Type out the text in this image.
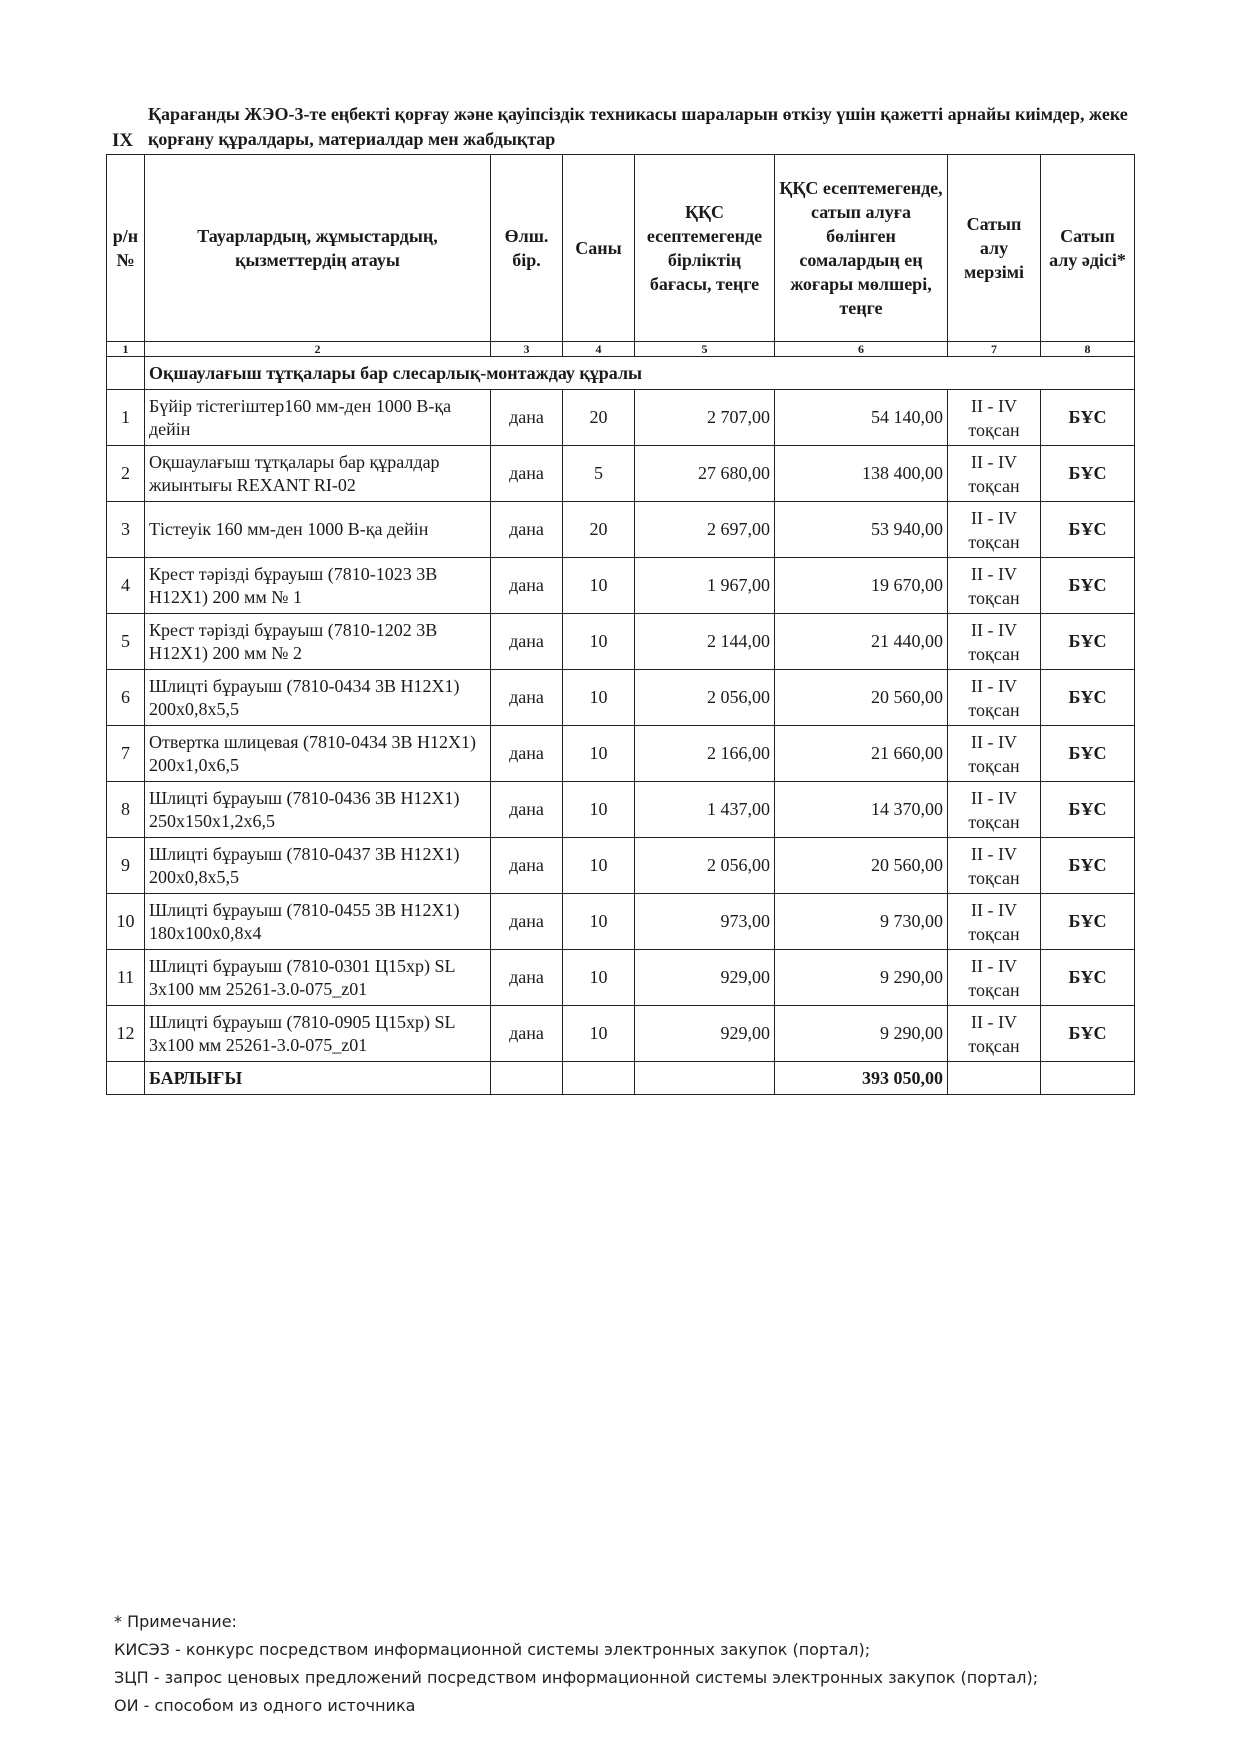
IX
Қарағанды ЖЭО-3-те еңбекті қорғау және қауіпсіздік техникасы шараларын өткізу үшін қажетті арнайы киімдер, жеке қорғану құралдары, материалдар мен жабдықтар
р/н №	Тауарлардың, жұмыстардың, қызметтердің атауы	Өлш. бір.	Саны	ҚҚС есептемегенде бірліктің бағасы, теңге	ҚҚС есептемегенде, сатып алуға бөлінген сомалардың ең жоғары мөлшері, теңге	Сатып алу мерзімі	Сатып алу әдісі*
1	2	3	4	5	6	7	8
	Оқшаулағыш тұтқалары бар слесарлық-монтаждау құралы						
1	Бүйір тістегіштер160 мм-ден 1000 В-қа дейін	дана	20	2 707,00	54 140,00	II - IV тоқсан	БҰС
2	Оқшаулағыш тұтқалары бар құралдар жиынтығы REXANT RI-02	дана	5	27 680,00	138 400,00	II - IV тоқсан	БҰС
3	Тістеуік 160 мм-ден 1000 В-қа дейін	дана	20	2 697,00	53 940,00	II - IV тоқсан	БҰС
4	Крест тәрізді бұрауыш (7810-1023 3В Н12Х1) 200 мм № 1	дана	10	1 967,00	19 670,00	II - IV тоқсан	БҰС
5	Крест тәрізді бұрауыш (7810-1202 3В Н12Х1) 200 мм № 2	дана	10	2 144,00	21 440,00	II - IV тоқсан	БҰС
6	Шлицті бұрауыш (7810-0434 3В Н12Х1) 200х0,8х5,5	дана	10	2 056,00	20 560,00	II - IV тоқсан	БҰС
7	Отвертка шлицевая (7810-0434 3В Н12Х1) 200х1,0х6,5	дана	10	2 166,00	21 660,00	II - IV тоқсан	БҰС
8	Шлицті бұрауыш (7810-0436 3В Н12Х1) 250х150х1,2х6,5	дана	10	1 437,00	14 370,00	II - IV тоқсан	БҰС
9	Шлицті бұрауыш (7810-0437 3В Н12Х1) 200х0,8х5,5	дана	10	2 056,00	20 560,00	II - IV тоқсан	БҰС
10	Шлицті бұрауыш (7810-0455 3В Н12Х1) 180х100х0,8х4	дана	10	973,00	9 730,00	II - IV тоқсан	БҰС
11	Шлицті бұрауыш (7810-0301 Ц15хр) SL 3х100 мм 25261-3.0-075_z01	дана	10	929,00	9 290,00	II - IV тоқсан	БҰС
12	Шлицті бұрауыш (7810-0905 Ц15хр) SL 3х100 мм 25261-3.0-075_z01	дана	10	929,00	9 290,00	II - IV тоқсан	БҰС
	БАРЛЫҒЫ				393 050,00		
* Примечание:
КИСЭЗ - конкурс посредством информационной системы электронных закупок (портал);
ЗЦП - запрос ценовых предложений посредством информационной системы электронных закупок (портал);
ОИ - способом из одного источника
